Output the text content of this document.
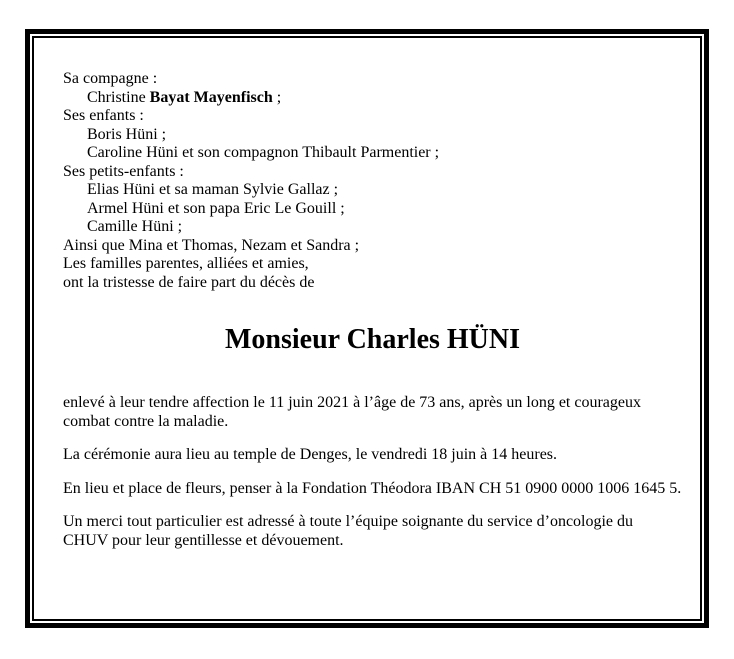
Sa compagne :
Christine Bayat Mayenfisch ;
Ses enfants :
Boris Hüni ;
Caroline Hüni et son compagnon Thibault Parmentier ;
Ses petits-enfants :
Elias Hüni et sa maman Sylvie Gallaz ;
Armel Hüni et son papa Eric Le Gouill ;
Camille Hüni ;
Ainsi que Mina et Thomas, Nezam et Sandra ;
Les familles parentes, alliées et amies,
ont la tristesse de faire part du décès de
Monsieur Charles HÜNI
enlevé à leur tendre affection le 11 juin 2021 à l’âge de 73 ans, après un long et courageux
combat contre la maladie.
La cérémonie aura lieu au temple de Denges, le vendredi 18 juin à 14 heures.
En lieu et place de fleurs, penser à la Fondation Théodora IBAN CH 51 0900 0000 1006 1645 5.
Un merci tout particulier est adressé à toute l’équipe soignante du service d’oncologie du
CHUV pour leur gentillesse et dévouement.
